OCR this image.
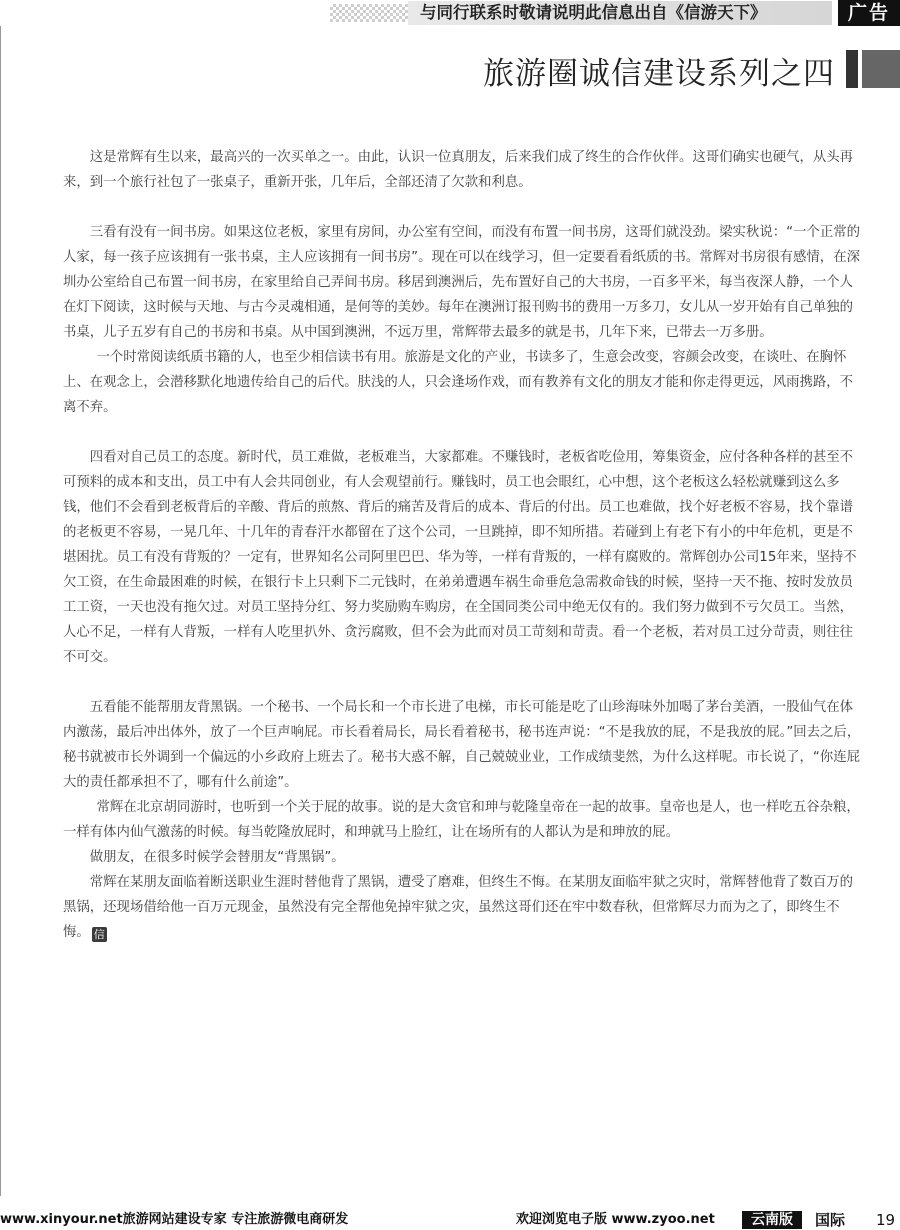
与同行联系时敬请说明此信息出自《信游天下》	广告
旅游圈诚信建设系列之四

这是常辉有生以来，最高兴的一次买单之一。由此，认识一位真朋友，后来我们成了终生的合作伙伴。这哥们确实也硬气，从头再来，到一个旅行社包了一张桌子，重新开张，几年后，全部还清了欠款和利息。

三看有没有一间书房。如果这位老板，家里有房间，办公室有空间，而没有布置一间书房，这哥们就没劲。梁实秋说：“一个正常的人家，每一孩子应该拥有一张书桌，主人应该拥有一间书房”。现在可以在线学习，但一定要看看纸质的书。常辉对书房很有感情，在深圳办公室给自己布置一间书房，在家里给自己弄间书房。移居到澳洲后，先布置好自己的大书房，一百多平米，每当夜深人静，一个人在灯下阅读，这时候与天地、与古今灵魂相通，是何等的美妙。每年在澳洲订报刊购书的费用一万多刀，女儿从一岁开始有自己单独的书桌，儿子五岁有自己的书房和书桌。从中国到澳洲，不远万里，常辉带去最多的就是书，几年下来，已带去一万多册。

一个时常阅读纸质书籍的人，也至少相信读书有用。旅游是文化的产业，书读多了，生意会改变，容颜会改变，在谈吐、在胸怀上、在观念上，会潜移默化地遗传给自己的后代。肤浅的人，只会逢场作戏，而有教养有文化的朋友才能和你走得更远，风雨携路，不离不弃。

四看对自己员工的态度。新时代，员工难做，老板难当，大家都难。不赚钱时，老板省吃俭用，筹集资金，应付各种各样的甚至不可预料的成本和支出，员工中有人会共同创业，有人会观望前行。赚钱时，员工也会眼红，心中想，这个老板这么轻松就赚到这么多钱，他们不会看到老板背后的辛酸、背后的煎熬、背后的痛苦及背后的成本、背后的付出。员工也难做，找个好老板不容易，找个靠谱的老板更不容易，一晃几年、十几年的青春汗水都留在了这个公司，一旦跳掉，即不知所措。若碰到上有老下有小的中年危机，更是不堪困扰。员工有没有背叛的？一定有，世界知名公司阿里巴巴、华为等，一样有背叛的，一样有腐败的。常辉创办公司15年来，坚持不欠工资，在生命最困难的时候，在银行卡上只剩下二元钱时，在弟弟遭遇车祸生命垂危急需救命钱的时候，坚持一天不拖、按时发放员工工资，一天也没有拖欠过。对员工坚持分红、努力奖励购车购房，在全国同类公司中绝无仅有的。我们努力做到不亏欠员工。当然，人心不足，一样有人背叛，一样有人吃里扒外、贪污腐败，但不会为此而对员工苛刻和苛责。看一个老板，若对员工过分苛责，则往往不可交。

五看能不能帮朋友背黑锅。一个秘书、一个局长和一个市长进了电梯，市长可能是吃了山珍海味外加喝了茅台美酒，一股仙气在体内激荡，最后冲出体外，放了一个巨声响屁。市长看着局长，局长看着秘书，秘书连声说：“不是我放的屁，不是我放的屁。”回去之后，秘书就被市长外调到一个偏远的小乡政府上班去了。秘书大惑不解，自己兢兢业业，工作成绩斐然，为什么这样呢。市长说了，“你连屁大的责任都承担不了，哪有什么前途”。

常辉在北京胡同游时，也听到一个关于屁的故事。说的是大贪官和珅与乾隆皇帝在一起的故事。皇帝也是人，也一样吃五谷杂粮，一样有体内仙气激荡的时候。每当乾隆放屁时，和珅就马上脸红，让在场所有的人都认为是和珅放的屁。

做朋友，在很多时候学会替朋友“背黑锅”。

常辉在某朋友面临着断送职业生涯时替他背了黑锅，遭受了磨难，但终生不悔。在某朋友面临牢狱之灾时，常辉替他背了数百万的黑锅，还现场借给他一百万元现金，虽然没有完全帮他免掉牢狱之灾，虽然这哥们还在牢中数春秋，但常辉尽力而为之了，即终生不悔。 信

www.xinyour.net旅游网站建设专家 专注旅游微电商研发	欢迎浏览电子版 www.zyoo.net	云南版	国际 19
